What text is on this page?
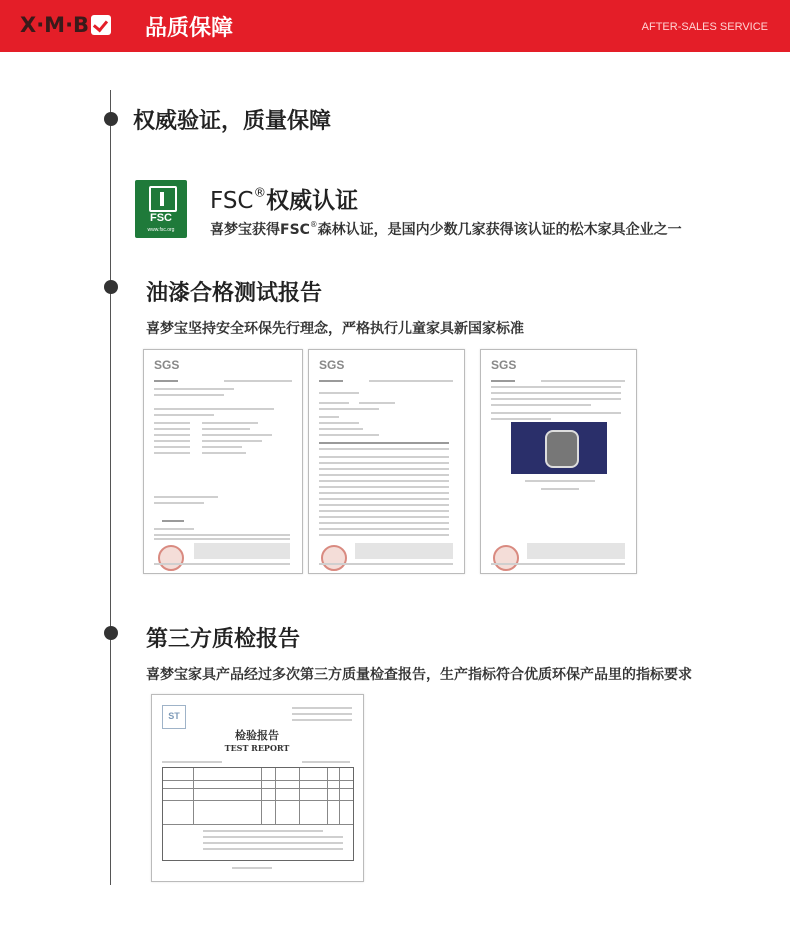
X·M·B	品质保障	AFTER-SALES SERVICE
权威验证，质量保障
FSC
www.fsc.org
FSC®权威认证
喜梦宝获得FSC®森林认证，是国内少数几家获得该认证的松木家具企业之一
油漆合格测试报告
喜梦宝坚持安全环保先行理念，严格执行儿童家具新国家标准
SGS	SGS	SGS
第三方质检报告
喜梦宝家具产品经过多次第三方质量检查报告，生产指标符合优质环保产品里的指标要求
ST
检验报告
TEST REPORT
